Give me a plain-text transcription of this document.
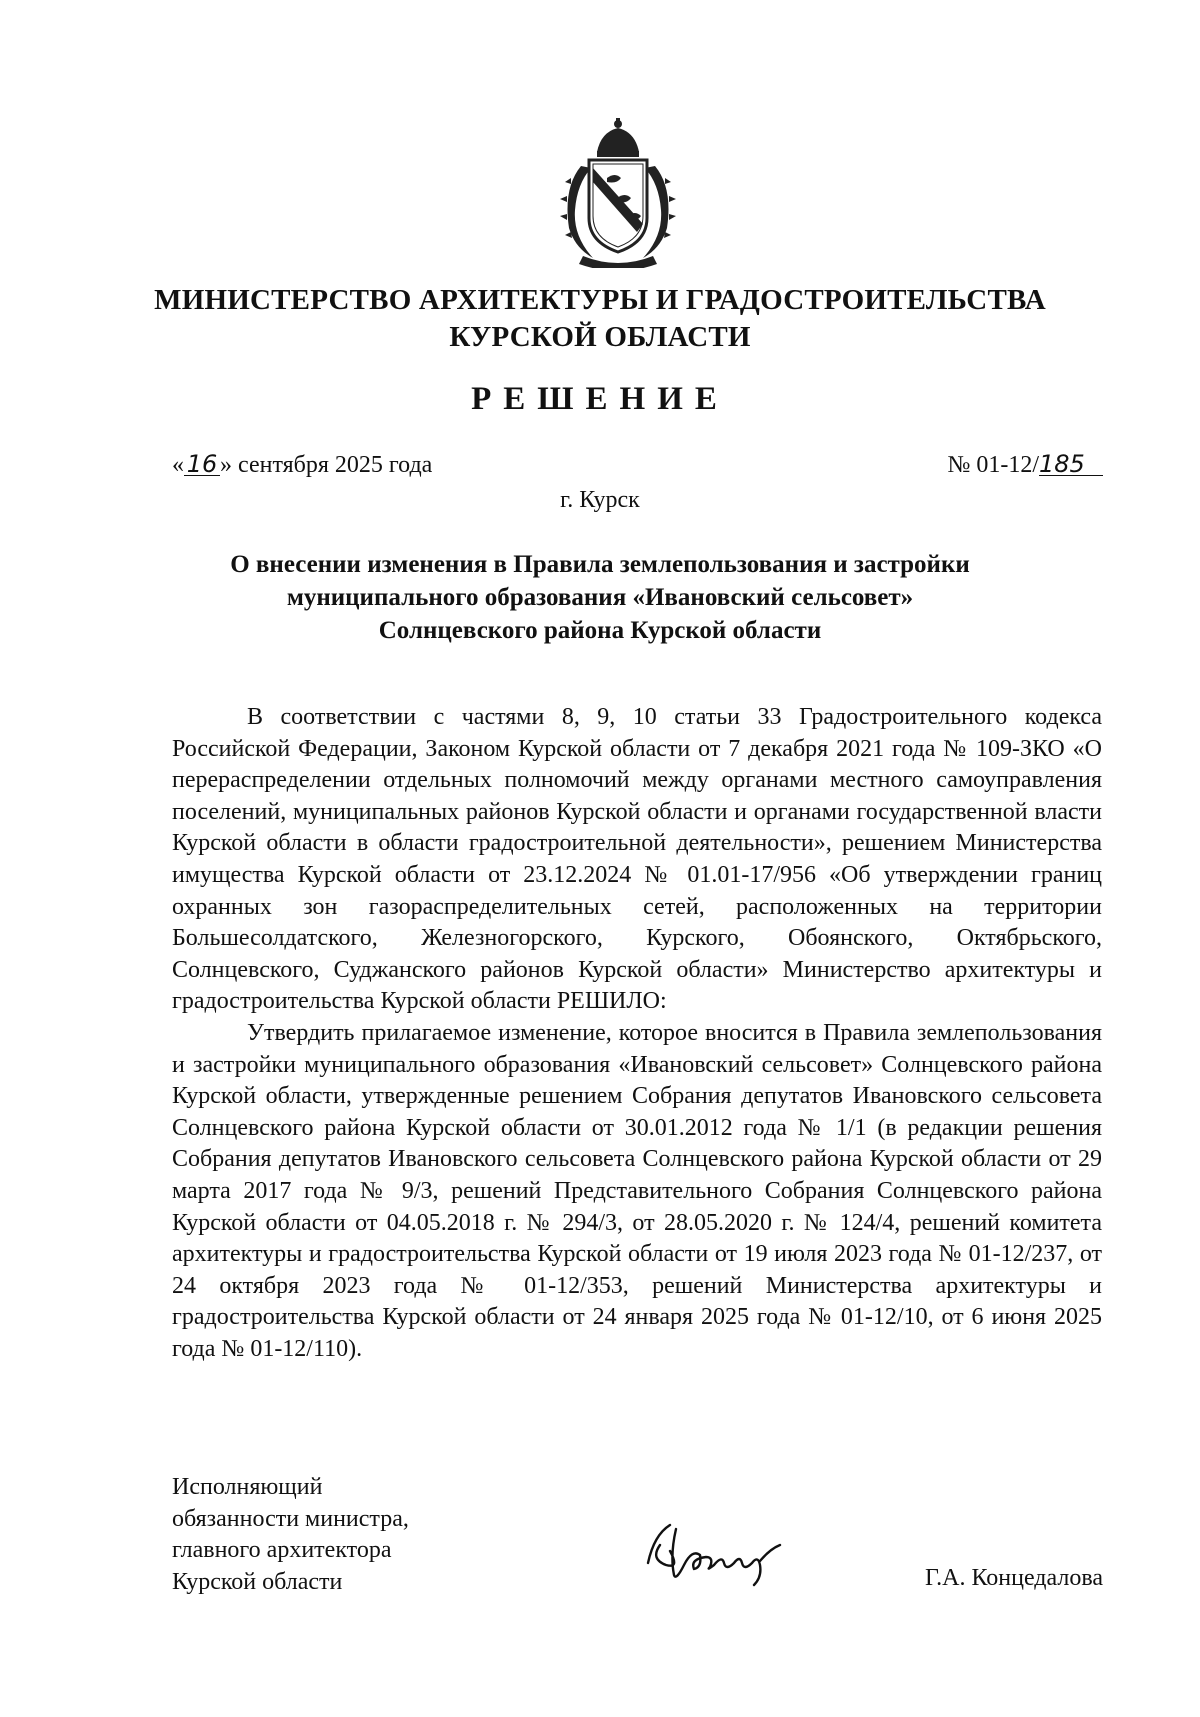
МИНИСТЕРСТВО АРХИТЕКТУРЫ И ГРАДОСТРОИТЕЛЬСТВА
КУРСКОЙ ОБЛАСТИ
РЕШЕНИЕ
« 16 » сентября 2025 года	№ 01-12/185
г. Курск
О внесении изменения в Правила землепользования и застройки
муниципального образования «Ивановский сельсовет»
Солнцевского района Курской области

В соответствии с частями 8, 9, 10 статьи 33 Градостроительного кодекса Российской Федерации, Законом Курской области от 7 декабря 2021 года № 109-ЗКО «О перераспределении отдельных полномочий между органами местного самоуправления поселений, муниципальных районов Курской области и органами государственной власти Курской области в области градостроительной деятельности», решением Министерства имущества Курской области от 23.12.2024 № 01.01-17/956 «Об утверждении границ охранных зон газораспределительных сетей, расположенных на территории Большесолдатского, Железногорского, Курского, Обоянского, Октябрьского, Солнцевского, Суджанского районов Курской области» Министерство архитектуры и градостроительства Курской области РЕШИЛО:

Утвердить прилагаемое изменение, которое вносится в Правила землепользования и застройки муниципального образования «Ивановский сельсовет» Солнцевского района Курской области, утвержденные решением Собрания депутатов Ивановского сельсовета Солнцевского района Курской области от 30.01.2012 года № 1/1 (в редакции решения Собрания депутатов Ивановского сельсовета Солнцевского района Курской области от 29 марта 2017 года № 9/3, решений Представительного Собрания Солнцевского района Курской области от 04.05.2018 г. № 294/3, от 28.05.2020 г. № 124/4, решений комитета архитектуры и градостроительства Курской области от 19 июля 2023 года № 01-12/237, от 24 октября 2023 года № 01-12/353, решений Министерства архитектуры и градостроительства Курской области от 24 января 2025 года № 01-12/10, от 6 июня 2025 года № 01-12/110).

Исполняющий
обязанности министра,
главного архитектора
Курской области	Г.А. Концедалова
